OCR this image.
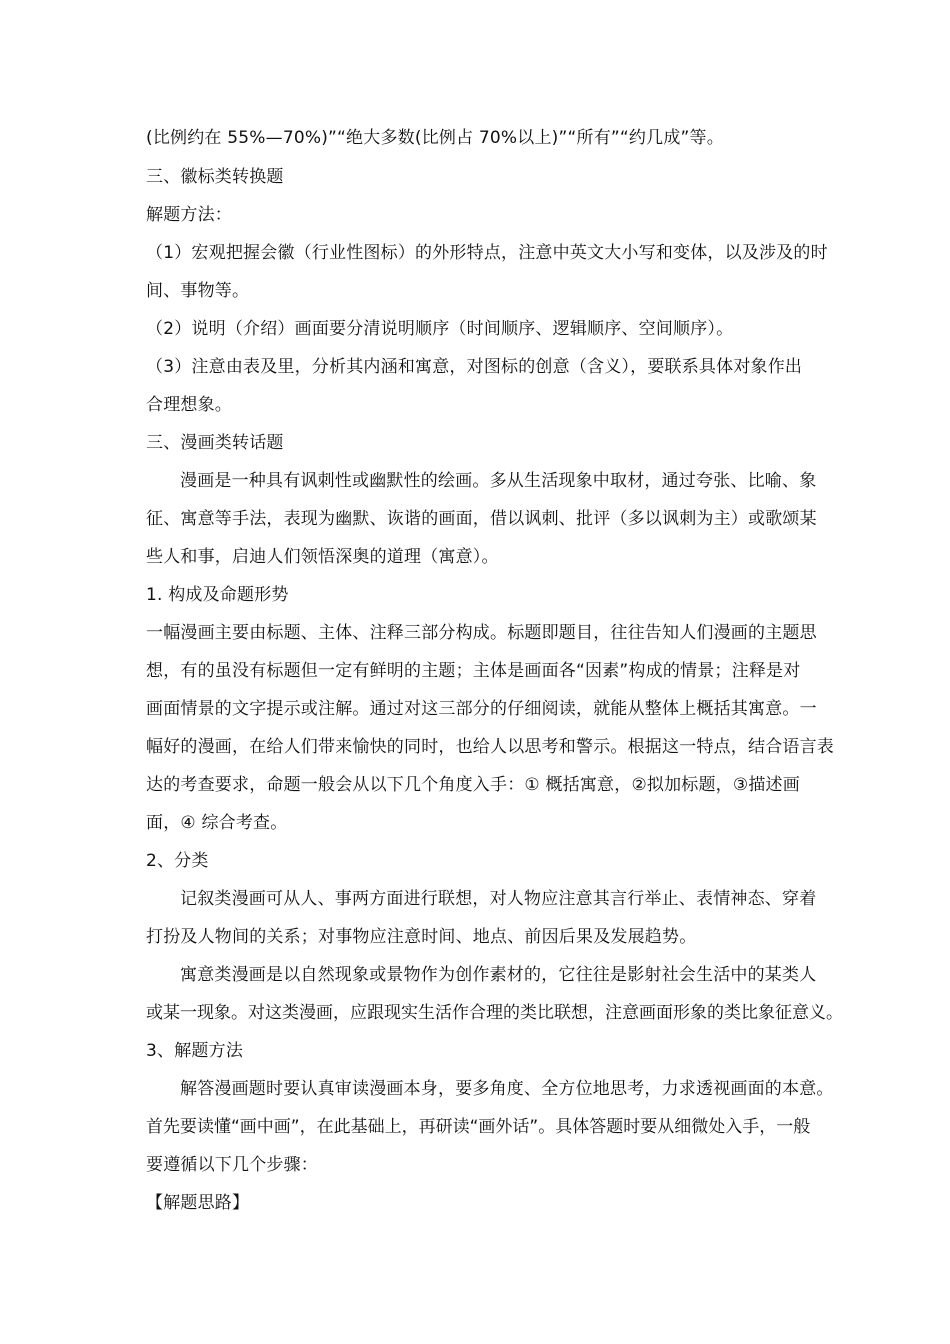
(比例约在 55%—70%)”“绝大多数(比例占 70%以上)”“所有”“约几成”等。
三、徽标类转换题
解题方法：
（1）宏观把握会徽（行业性图标）的外形特点，注意中英文大小写和变体，以及涉及的时
间、事物等。
（2）说明（介绍）画面要分清说明顺序（时间顺序、逻辑顺序、空间顺序）。
（3）注意由表及里，分析其内涵和寓意，对图标的创意（含义），要联系具体对象作出
合理想象。
三、漫画类转话题
漫画是一种具有讽刺性或幽默性的绘画。多从生活现象中取材，通过夸张、比喻、象
征、寓意等手法，表现为幽默、诙谐的画面，借以讽刺、批评（多以讽刺为主）或歌颂某
些人和事，启迪人们领悟深奥的道理（寓意）。
1. 构成及命题形势
一幅漫画主要由标题、主体、注释三部分构成。标题即题目，往往告知人们漫画的主题思
想，有的虽没有标题但一定有鲜明的主题；主体是画面各“因素”构成的情景；注释是对
画面情景的文字提示或注解。通过对这三部分的仔细阅读，就能从整体上概括其寓意。一
幅好的漫画，在给人们带来愉快的同时，也给人以思考和警示。根据这一特点，结合语言表
达的考查要求，命题一般会从以下几个角度入手：① 概括寓意，②拟加标题，③描述画
面，④ 综合考查。
2、分类
记叙类漫画可从人、事两方面进行联想，对人物应注意其言行举止、表情神态、穿着
打扮及人物间的关系；对事物应注意时间、地点、前因后果及发展趋势。
寓意类漫画是以自然现象或景物作为创作素材的，它往往是影射社会生活中的某类人
或某一现象。对这类漫画，应跟现实生活作合理的类比联想，注意画面形象的类比象征意义。
3、解题方法
解答漫画题时要认真审读漫画本身，要多角度、全方位地思考，力求透视画面的本意。
首先要读懂“画中画”，在此基础上，再研读“画外话”。具体答题时要从细微处入手，一般
要遵循以下几个步骤：
【解题思路】
